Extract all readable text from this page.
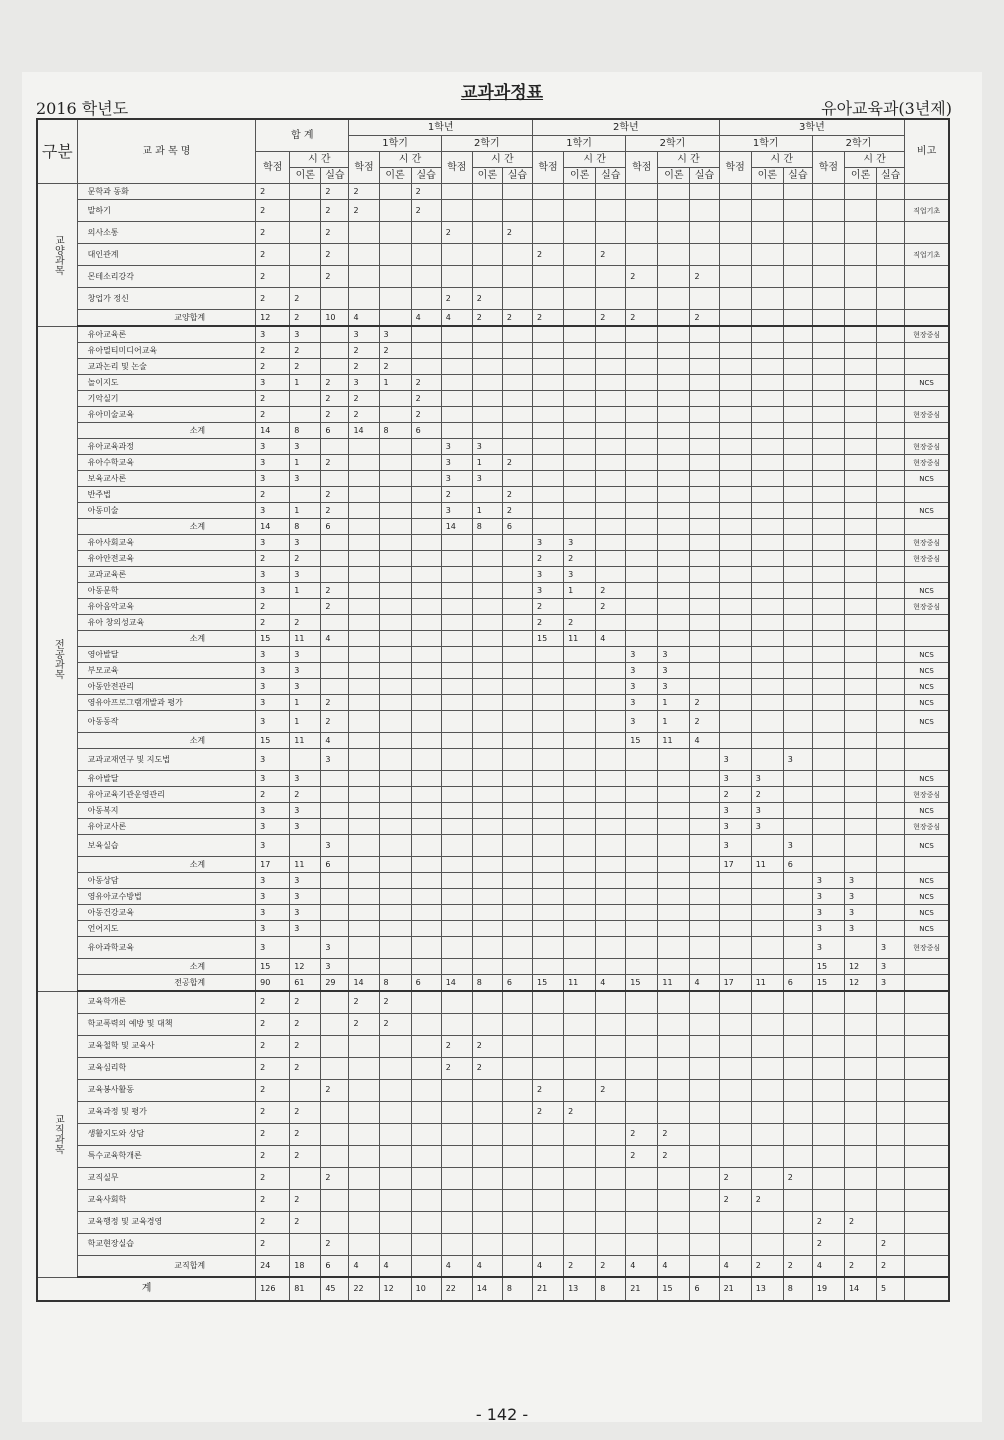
교과과정표
2016 학년도	유아교육과(3년제)
구분	교 과 목 명	합 계			1학년						2학년						3학년						비고
					1학기			2학기			1학기			2학기			1학기			2학기			
		학점	시 간		학점	시 간		학점	시 간		학점	시 간		학점	시 간		학점	시 간		학점	시 간		
			이론	실습		이론	실습		이론	실습		이론	실습		이론	실습		이론	실습		이론	실습	
교양과목	문학과 동화	2		2	2		2																
	말하기	2		2	2		2																직업기초
	의사소통	2		2				2		2													
	대인관계	2		2							2		2										직업기초
	몬테소리강각	2		2										2		2							
	창업가 정신	2	2					2	2														
	교양합계	12	2	10	4		4	4	2	2	2		2	2		2							
전공과목	유아교육론	3	3		3	3																	현장중심
	유아멀티미디어교육	2	2		2	2																	
	교과논리 및 논술	2	2		2	2																	
	놀이지도	3	1	2	3	1	2																NCS
	기악실기	2		2	2		2																
	유아미술교육	2		2	2		2																현장중심
	소계	14	8	6	14	8	6																
	유아교육과정	3	3					3	3														현장중심
	유아수학교육	3	1	2				3	1	2													현장중심
	보육교사론	3	3					3	3														NCS
	반주법	2		2				2		2													
	아동미술	3	1	2				3	1	2													NCS
	소계	14	8	6				14	8	6													
	유아사회교육	3	3								3	3											현장중심
	유아안전교육	2	2								2	2											현장중심
	교과교육론	3	3								3	3											
	아동문학	3	1	2							3	1	2										NCS
	유아음악교육	2		2							2		2										현장중심
	유아 창의성교육	2	2								2	2											
	소계	15	11	4							15	11	4										
	영아발달	3	3											3	3								NCS
	부모교육	3	3											3	3								NCS
	아동안전관리	3	3											3	3								NCS
	영유아프로그램개발과 평가	3	1	2										3	1	2							NCS
	아동동작	3	1	2										3	1	2							NCS
	소계	15	11	4										15	11	4							
	교과교재연구 및 지도법	3		3													3		3				
	유아발달	3	3														3	3					NCS
	유아교육기관운영관리	2	2														2	2					현장중심
	아동복지	3	3														3	3					NCS
	유아교사론	3	3														3	3					현장중심
	보육실습	3		3													3		3				NCS
	소계	17	11	6													17	11	6				
	아동상담	3	3																	3	3		NCS
	영유아교수방법	3	3																	3	3		NCS
	아동건강교육	3	3																	3	3		NCS
	언어지도	3	3																	3	3		NCS
	유아과학교육	3		3																3		3	현장중심
	소계	15	12	3																15	12	3	
	전공합계	90	61	29	14	8	6	14	8	6	15	11	4	15	11	4	17	11	6	15	12	3	
교직과목	교육학개론	2	2		2	2																	
	학교폭력의 예방 및 대책	2	2		2	2																	
	교육철학 및 교육사	2	2					2	2														
	교육심리학	2	2					2	2														
	교육봉사활동	2		2							2		2										
	교육과정 및 평가	2	2								2	2											
	생활지도와 상담	2	2											2	2								
	특수교육학개론	2	2											2	2								
	교직실무	2		2													2		2				
	교육사회학	2	2														2	2					
	교육행정 및 교육경영	2	2																	2	2		
	학교현장실습	2		2																2		2	
	교직합계	24	18	6	4	4		4	4		4	2	2	4	4		4	2	2	4	2	2	
계		126	81	45	22	12	10	22	14	8	21	13	8	21	15	6	21	13	8	19	14	5	
- 142 -
